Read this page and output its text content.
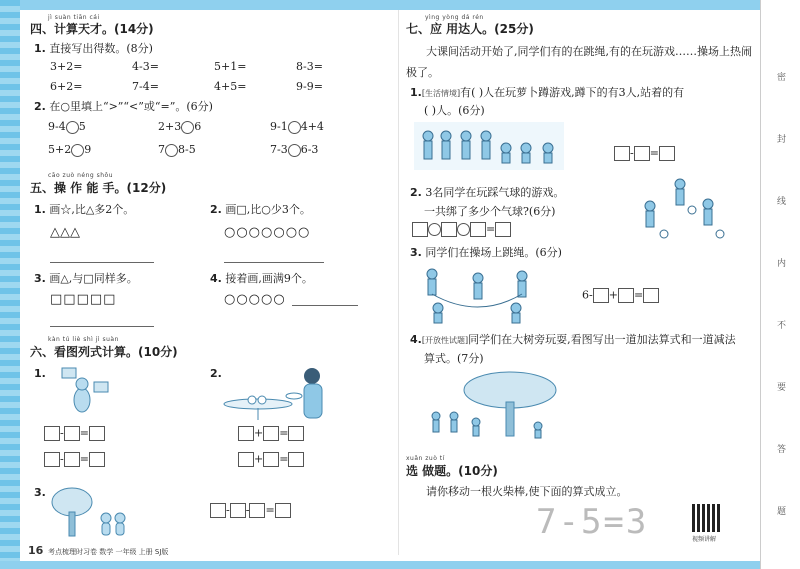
jì suàn tiān cái
四、计算天才。(14分)
1. 直接写出得数。(8分)
3+2=	4-3=	5+1=	8-3=
6+2=	7-4=	4+5=	9-9=
2. 在○里填上“>”“<”或“=”。(6分)
9-4 5	2+3 6	9-1 4+4
5+2 9	7 8-5	7-3 6-3
cāo zuò néng shǒu
五、操 作 能 手。(12分)
1. 画☆,比△多2个。
△△△
2. 画□,比○少3个。
○○○○○○○
3. 画△,与□同样多。
□□□□□
4. 接着画,画满9个。
○○○○○
kàn tú liè shì jì suàn
六、看图列式计算。(10分)
1.
- =
- =
2.
+ =
+ =
3.
- - =
16 考点梳理时习卷 数学 一年级 上册 SJ版
yìng yòng dá rén
七、应 用达人。(25分)
大课间活动开始了,同学们有的在跳绳,有的在玩游戏……操场上热闹
极了。
1.[生活情境]有( )人在玩萝卜蹲游戏,蹲下的有3人,站着的有
( )人。(6分)
- =
2. 3名同学在玩踩气球的游戏。
一共绑了多少个气球?(6分)
=
3. 同学们在操场上跳绳。(6分)
6- + =
4.[开放性试题]同学们在大树旁玩耍,看图写出一道加法算式和一道减法
算式。(7分)
xuǎn zuò tí
选 做题。(10分)
请你移动一根火柴棒,使下面的算式成立。
7-5=3	视频讲解
密
封
线
内
不
要
答
题
